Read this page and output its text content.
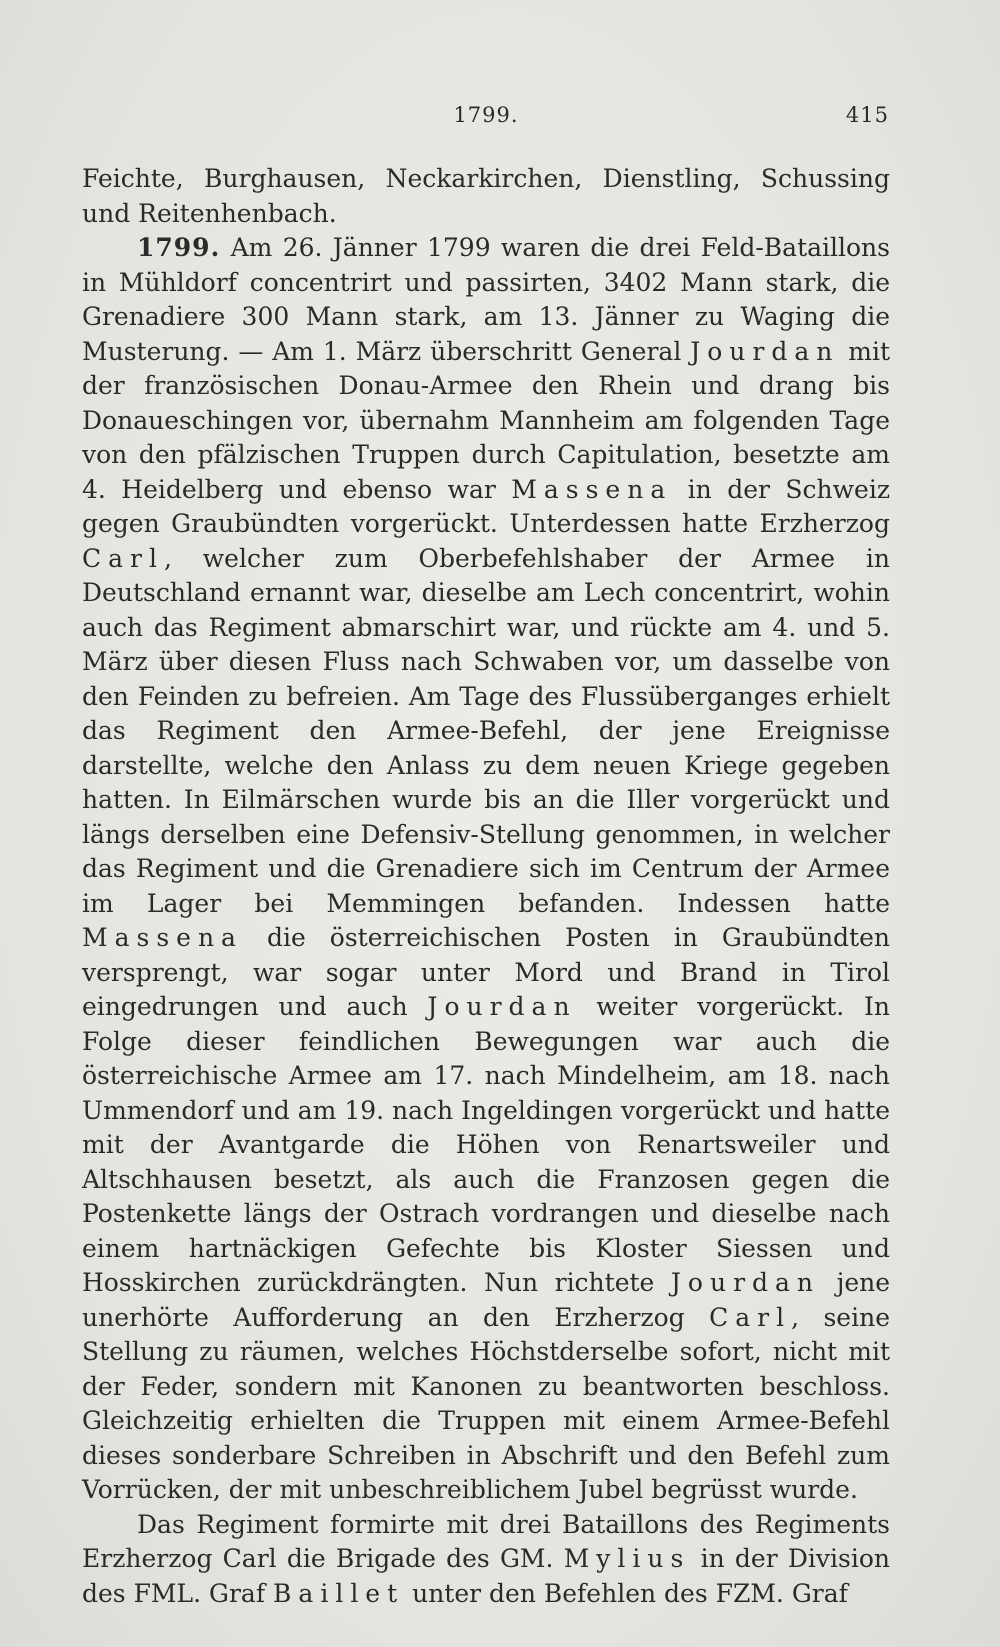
1799.	415

Feichte, Burghausen, Neckarkirchen, Dienstling, Schussing und Reitenhenbach.

1799. Am 26. Jänner 1799 waren die drei Feld-Bataillons in Mühldorf concentrirt und passirten, 3402 Mann stark, die Grenadiere 300 Mann stark, am 13. Jänner zu Waging die Musterung. — Am 1. März überschritt General Jourdan mit der französischen Donau-Armee den Rhein und drang bis Donaueschingen vor, übernahm Mannheim am folgenden Tage von den pfälzischen Truppen durch Capitulation, besetzte am 4. Heidelberg und ebenso war Massena in der Schweiz gegen Graubündten vorgerückt. Unterdessen hatte Erzherzog Carl, welcher zum Oberbefehlshaber der Armee in Deutschland ernannt war, dieselbe am Lech concentrirt, wohin auch das Regiment abmarschirt war, und rückte am 4. und 5. März über diesen Fluss nach Schwaben vor, um dasselbe von den Feinden zu befreien. Am Tage des Flussüberganges erhielt das Regiment den Armee-Befehl, der jene Ereignisse darstellte, welche den Anlass zu dem neuen Kriege gegeben hatten. In Eilmärschen wurde bis an die Iller vorgerückt und längs derselben eine Defensiv-Stellung genommen, in welcher das Regiment und die Grenadiere sich im Centrum der Armee im Lager bei Memmingen befanden. Indessen hatte Massena die österreichischen Posten in Graubündten versprengt, war sogar unter Mord und Brand in Tirol eingedrungen und auch Jourdan weiter vorgerückt. In Folge dieser feindlichen Bewegungen war auch die österreichische Armee am 17. nach Mindelheim, am 18. nach Ummendorf und am 19. nach Ingeldingen vorgerückt und hatte mit der Avantgarde die Höhen von Renartsweiler und Altschhausen besetzt, als auch die Franzosen gegen die Postenkette längs der Ostrach vordrangen und dieselbe nach einem hartnäckigen Gefechte bis Kloster Siessen und Hosskirchen zurückdrängten. Nun richtete Jourdan jene unerhörte Aufforderung an den Erzherzog Carl, seine Stellung zu räumen, welches Höchstderselbe sofort, nicht mit der Feder, sondern mit Kanonen zu beantworten beschloss. Gleichzeitig erhielten die Truppen mit einem Armee-Befehl dieses sonderbare Schreiben in Abschrift und den Befehl zum Vorrücken, der mit unbeschreiblichem Jubel begrüsst wurde.

Das Regiment formirte mit drei Bataillons des Regiments Erzherzog Carl die Brigade des GM. Mylius in der Division des FML. Graf Baillet unter den Befehlen des FZM. Graf
